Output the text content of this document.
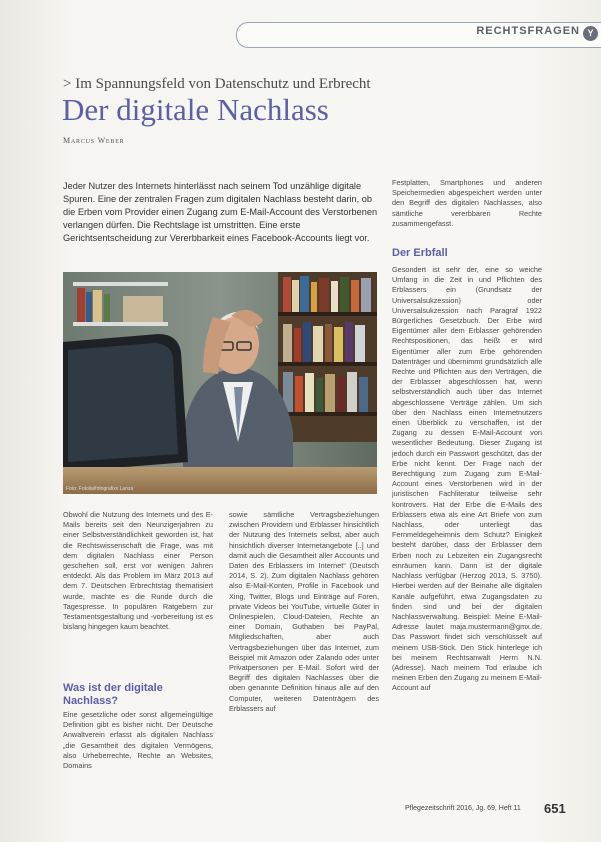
RECHTSFRAGEN Y
> Im Spannungsfeld von Datenschutz und Erbrecht
Der digitale Nachlass
Marcus Weber
Jeder Nutzer des Internets hinterlässt nach seinem Tod unzählige digitale Spuren. Eine der zentralen Fragen zum digitalen Nachlass besteht darin, ob die Erben vom Provider einen Zugang zum E-Mail-Account des Verstorbenen verlangen dürfen. Die Rechtslage ist umstritten. Eine erste Gerichtsentscheidung zur Vererbbarkeit eines Facebook-Accounts liegt vor.
Festplatten, Smartphones und anderen Speichermedien abgespeichert werden unter den Begriff des digitalen Nachlasses, also sämtliche vererbbaren Rechte zusammengefasst.
Der Erbfall
Gesondert ist sehr der, eine so weiche Umfang in die Zeit in und Pflichten des Erblassers ein (Grundsatz der Universalsukzession) oder Universalsukzession nach Paragraf 1922 Bürgerliches Gesetzbuch. Der Erbe wird Eigentümer aller dem Erblasser gehörenden Rechtspositionen, das heißt er wird Eigentümer aller zum Erbe gehörenden Datenträger und übernimmt grundsätzlich alle Rechte und Pflichten aus den Verträgen, die der Erblasser abgeschlossen hat, wenn selbstverständlich auch über das Internet abgeschlossene Verträge zählen. Um sich über den Nachlass einen Internetnutzers einen Überblick zu verschaffen, ist der Zugang zu dessen E-Mail-Account von wesentlicher Bedeutung. Dieser Zugang ist jedoch durch ein Passwort geschützt, das der Erbe nicht kennt. Der Frage nach der Berechtigung zum Zugang zum E-Mail-Account eines Verstorbenen wird in der juristischen Fachliteratur teilweise sehr kontrovers. Hat der Erbe die E-Mails des Erblassers etwa als eine Art Briefe von zum Nachlass, oder unterliegt das Fernmeldegeheimnis dem Schutz? Einigkeit besteht darüber, dass der Erblasser dem Erben noch zu Lebzeiten ein Zugangsrecht einräumen kann. Dann ist der digitale Nachlass verfügbar (Herzog 2013, S. 3750). Hierbei werden auf der Beinahe alle digitalen Kanäle aufgeführt, etwa Zugangsdaten zu finden sind und bei der digitalen Nachlassverwaltung. Beispiel: Meine E-Mail-Adresse lautet maja.mustermann@gmx.de. Das Passwort findet sich verschlüsselt auf meinem USB-Stick. Den Stick hinterlege ich bei meinem Rechtsanwalt Herrn N.N. (Adresse). Nach meinem Tod erlaube ich meinen Erben den Zugang zu meinem E-Mail-Account auf
Foto: Fotolia/fotografixx Lanza
Obwohl die Nutzung des Internets und des E-Mails bereits seit den Neunzigerjahren zu einer Selbstverständlichkeit geworden ist, hat die Rechtswissenschaft die Frage, was mit dem digitalen Nachlass einer Person geschehen soll, erst vor wenigen Jahren entdeckt. Als das Problem im März 2013 auf dem 7. Deutschen Erbrechtstag thematisiert wurde, machte es die Runde durch die Tagespresse. In populären Ratgebern zur Testamentsgestaltung und -vorbereitung ist es bislang hingegen kaum beachtet.
Was ist der digitale Nachlass?
Eine gesetzliche oder sonst allgemeingültige Definition gibt es bisher nicht. Der Deutsche Anwaltverein erfasst als digitalen Nachlass „die Gesamtheit des digitalen Vermögens, also Urheberrechte, Rechte an Websites, Domains
sowie sämtliche Vertragsbeziehungen zwischen Providern und Erblasser hinsichtlich der Nutzung des Internets selbst, aber auch hinsichtlich diverser Internetangebote [..] und damit auch die Gesamtheit aller Accounts und Daten des Erblassers im Internet“ (Deutsch 2014, S. 2). Zum digitalen Nachlass gehören also E-Mail-Konten, Profile in Facebook und Xing, Twitter, Blogs und Einträge auf Foren, private Videos bei YouTube, virtuelle Güter in Onlinespielen, Cloud-Dateien, Rechte an einer Domain, Guthaben bei PayPal, Mitgliedschaften, aber auch Vertragsbeziehungen über das Internet, zum Beispiel mit Amazon oder Zalando oder unter Privatpersonen per E-Mail. Sofort wird der Begriff des digitalen Nachlasses über die oben genannte Definition hinaus alle auf den Computer, weiteren Datenträgern des Erblassers auf
Pflegezeitschrift 2016, Jg. 69, Heft 11 651
